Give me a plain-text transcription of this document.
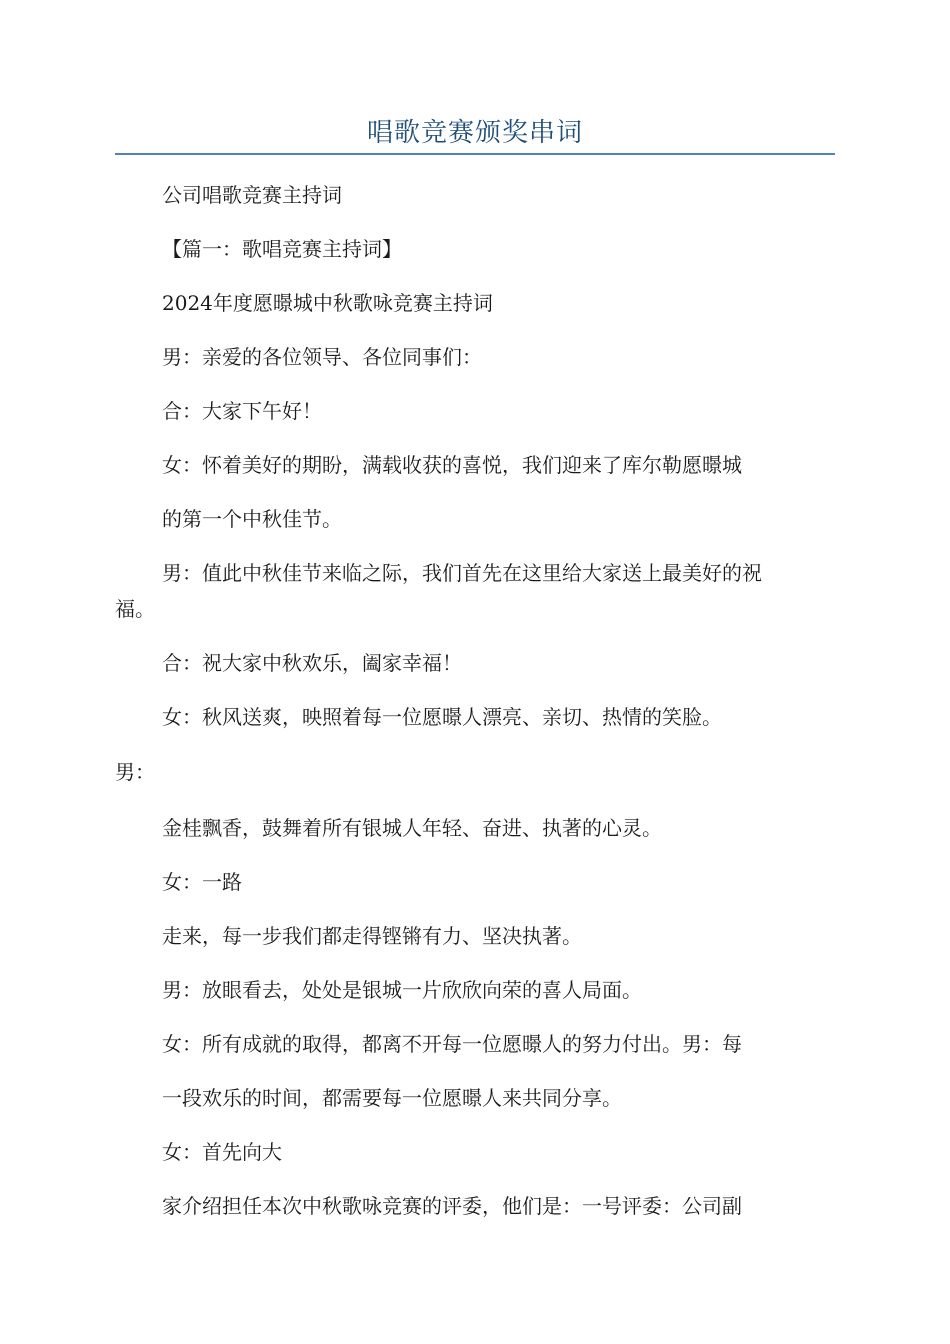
唱歌竞赛颁奖串词
公司唱歌竞赛主持词
【篇一：歌唱竞赛主持词】
2024年度愿暻城中秋歌咏竞赛主持词
男：亲爱的各位领导、各位同事们：
合：大家下午好！
女：怀着美好的期盼，满载收获的喜悦，我们迎来了库尔勒愿暻城
的第一个中秋佳节。
男：值此中秋佳节来临之际，我们首先在这里给大家送上最美好的祝
福。
合：祝大家中秋欢乐，阖家幸福！
女：秋风送爽，映照着每一位愿暻人漂亮、亲切、热情的笑脸。
男：
金桂飘香，鼓舞着所有银城人年轻、奋进、执著的心灵。
女：一路
走来，每一步我们都走得铿锵有力、坚决执著。
男：放眼看去，处处是银城一片欣欣向荣的喜人局面。
女：所有成就的取得，都离不开每一位愿暻人的努力付出。男：每
一段欢乐的时间，都需要每一位愿暻人来共同分享。
女：首先向大
家介绍担任本次中秋歌咏竞赛的评委，他们是：一号评委：公司副
